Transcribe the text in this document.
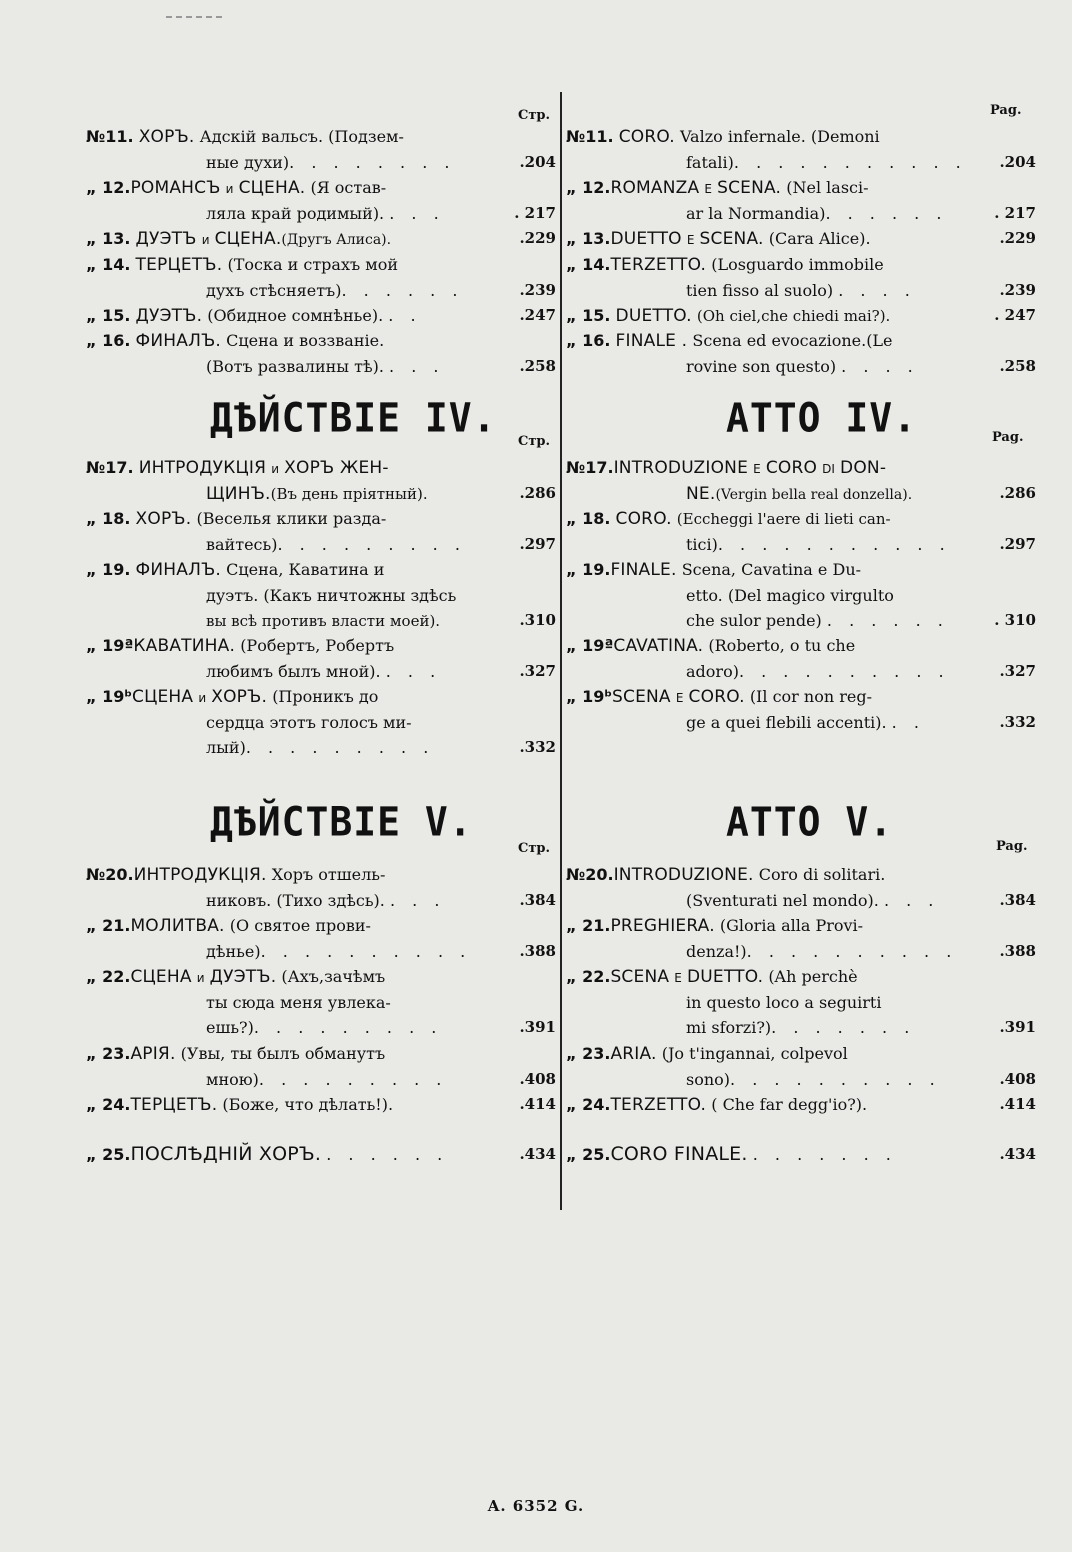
Стр.
№11. ХОРЪ. Адскій вальсъ. (Подзем-
ные духи). . . . . . . .	.204
„ 12.РОМАНСЪ и СЦЕНА. (Я остав-
ляла край родимый). . . .	. 217
„ 13. ДУЭТЪ и СЦЕНА.(Другъ Алиса).	.229
„ 14. ТЕРЦЕТЪ. (Тоска и страхъ мой
духъ стѣсняетъ). . . . . .	.239
„ 15. ДУЭТЪ. (Обидное сомнѣнье). . .	.247
„ 16. ФИНАЛЪ. Сцена и воззваніе.
(Вотъ развалины тѣ). . . .	.258
ДѢЙСТВІЕ IV.
Стр.
№17. ИНТРОДУКЦІЯ и ХОРЪ ЖЕН-
ЩИНЪ.(Въ день пріятный).	.286
„ 18. ХОРЪ. (Веселья клики разда-
вайтесь). . . . . . . . .	.297
„ 19. ФИНАЛЪ. Сцена, Каватина и
дуэтъ. (Какъ ничтожны здѣсь
вы всѣ противъ власти моей).	.310
„ 19ªКАВАТИНА. (Робертъ, Робертъ
любимъ былъ мной). . . .	.327
„ 19ᵇСЦЕНА и ХОРЪ. (Проникъ до
сердца этотъ голосъ ми-
лый). . . . . . . . .	.332
ДѢЙСТВІЕ V.
Стр.
№20.ИНТРОДУКЦІЯ. Хоръ отшель-
никовъ. (Тихо здѣсь). . . .	.384
„ 21.МОЛИТВА. (О святое прови-
дѣнье). . . . . . . . . .	.388
„ 22.СЦЕНА и ДУЭТЪ. (Ахъ,зачѣмъ
ты сюда меня увлека-
ешь?). . . . . . . . .	.391
„ 23.АРІЯ. (Увы, ты былъ обманутъ
мною). . . . . . . . .	.408
„ 24.ТЕРЦЕТЪ. (Боже, что дѣлать!).	.414
„ 25.ПОСЛѢДНІЙ ХОРЪ. . . . . . .	.434
Pag.
№11. CORO. Valzo infernale. (Demoni
fatali). . . . . . . . . . . .204
„ 12.ROMANZA E SCENA. (Nel lasci-
ar la Normandia). . . . . .	. 217
„ 13.DUETTO E SCENA. (Cara Alice).	.229
„ 14.TERZETTO. (Losguardo immobile
tien fisso al suolo) . . . .	.239
„ 15. DUETTO. (Oh ciel,che chiedi mai?).	. 247
„ 16. FINALE . Scena ed evocazione.(Le
rovine son questo) . . . .	.258
ATTO IV.	Pag.
№17.INTRODUZIONE E CORO DI DON-
NE.(Vergin bella real donzella).	.286
„ 18. CORO. (Eccheggi l'aere di lieti can-
tici). . . . . . . . . . .	.297
„ 19.FINALE. Scena, Cavatina e Du-
etto. (Del magico virgulto
che sulor pende) . . . . . .	. 310
„ 19ªCAVATINA. (Roberto, o tu che
adoro). . . . . . . . . .	.327
„ 19ᵇSCENA E CORO. (Il cor non reg-
ge a quei flebili accenti). . .	.332
ATTO V.
Pag.
№20.INTRODUZIONE. Coro di solitari.
(Sventurati nel mondo). . . .	.384
„ 21.PREGHIERA. (Gloria alla Provi-
denza!). . . . . . . . . .	.388
„ 22.SCENA E DUETTO. (Ah perchè
in questo loco a seguirti
mi sforzi?). . . . . . .	.391
„ 23.ARIA. (Jo t'ingannai, colpevol
sono). . . . . . . . . .	.408
„ 24.TERZETTO. ( Che far degg'io?).	.414
„ 25.CORO FINALE. . . . . . . .	.434
A. 6352 G.
